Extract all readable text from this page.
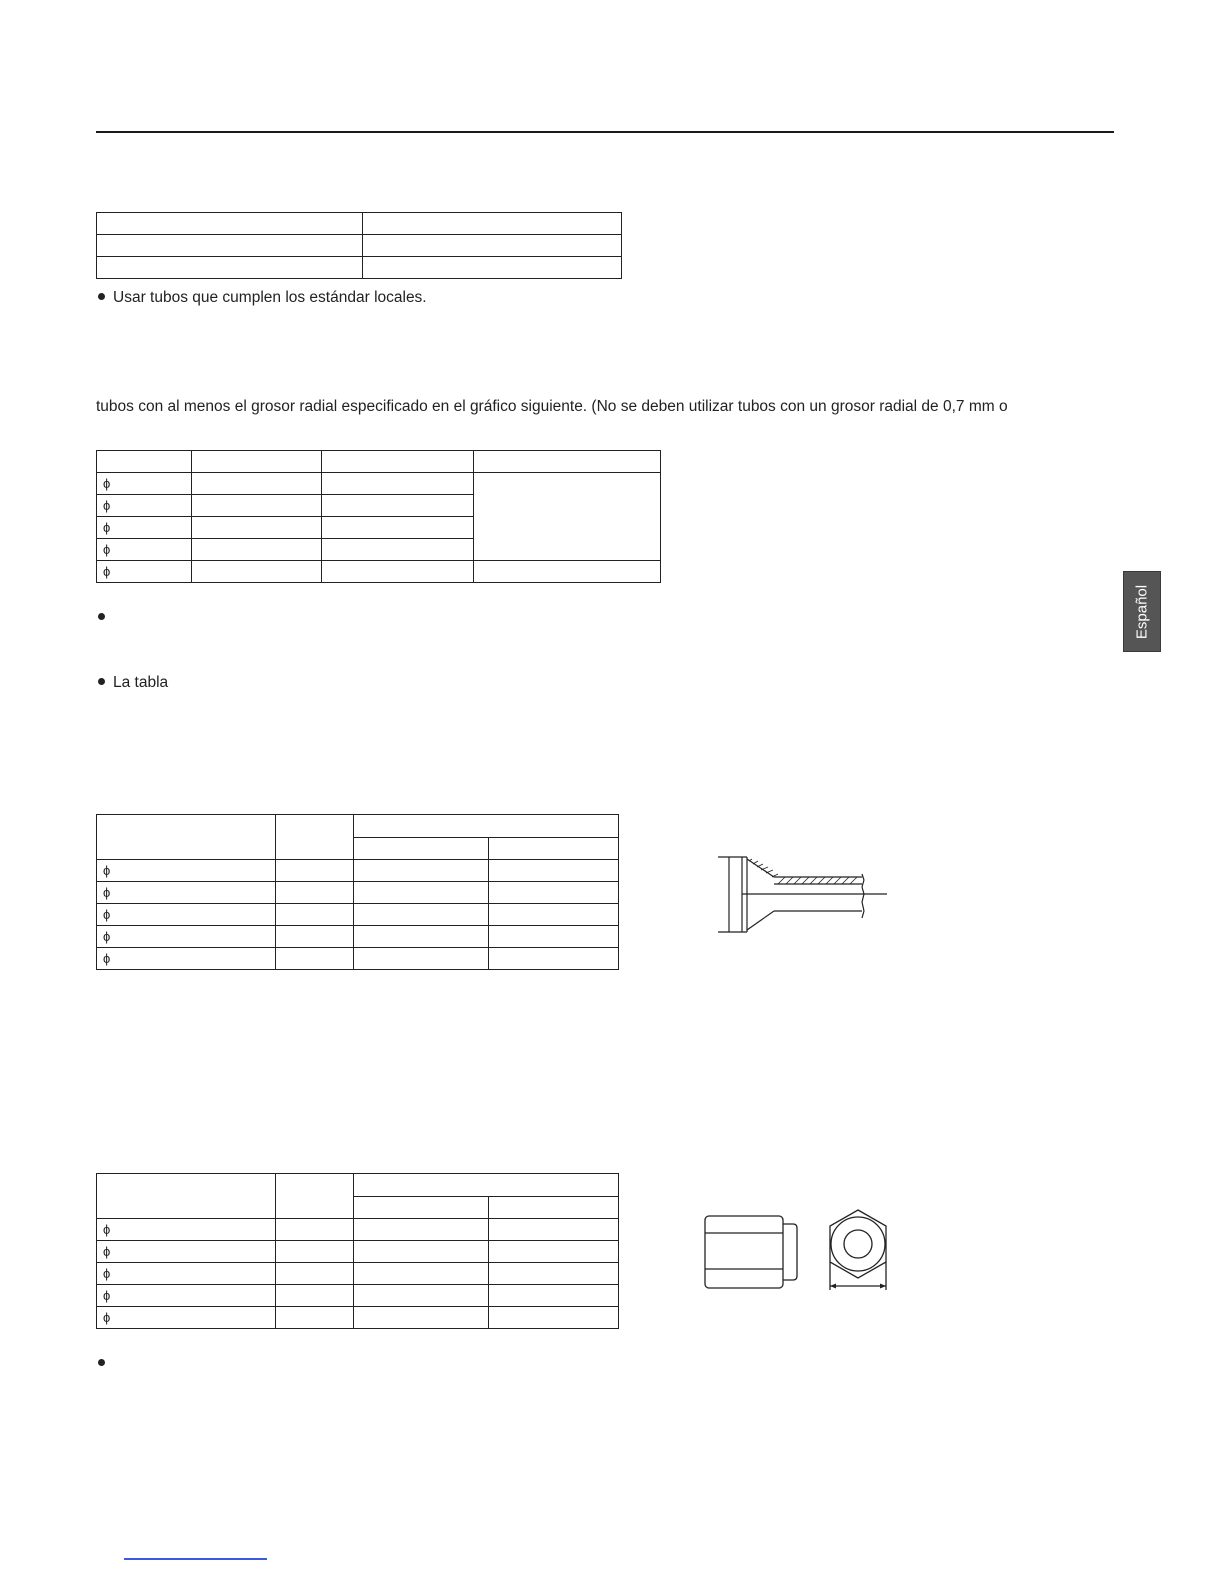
Usar tubos que cumplen los estándar locales.
tubos con al menos el grosor radial especificado en el gráfico siguiente. (No se deben utilizar tubos con un grosor radial de 0,7 mm o

ϕ			
ϕ			
ϕ			
ϕ			
ϕ			
La tabla

ϕ			
ϕ			
ϕ			
ϕ			
ϕ			

ϕ			
ϕ			
ϕ			
ϕ			
ϕ			
Español
